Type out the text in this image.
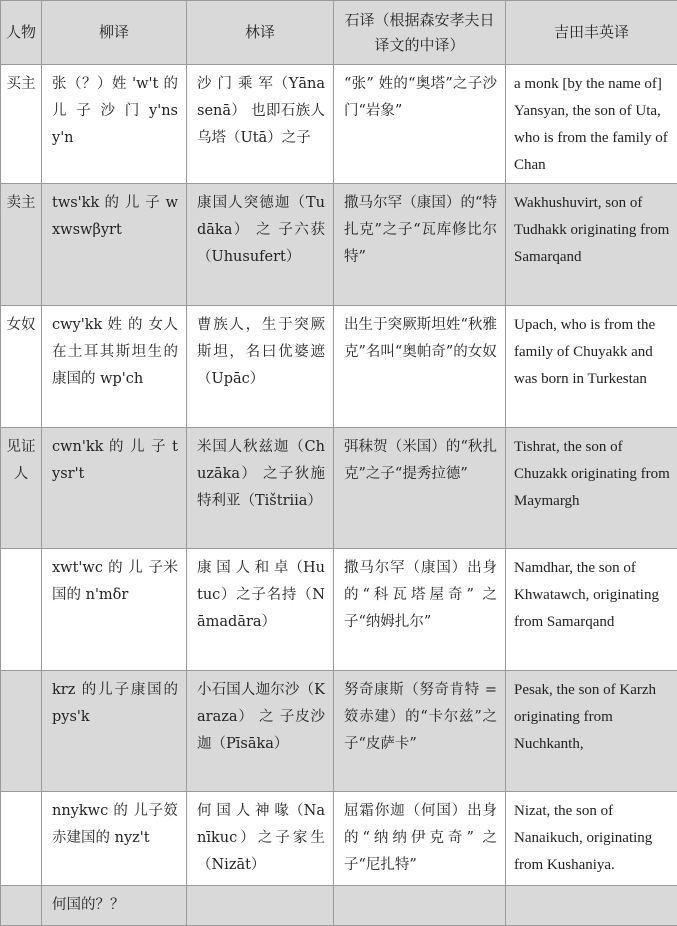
人物	柳译	林译	石译（根据森安孝夫日译文的中译）	吉田丰英译
买主	张（？）姓 'w't 的 儿 子 沙 门 y'nsy'n	沙 门 乘 军（Yānasenā） 也即石族人乌塔（Utā）之子	“张” 姓的“奥塔”之子沙门“岩象”	a monk [by the name of] Yansyan, the son of Uta, who is from the family of Chan
卖主	tws'kk 的 儿 子 wxwswβyrt	康国人突德迦（Tudāka） 之 子六获（Uhusufert）	撒马尔罕（康国）的“特扎克”之子“瓦库修比尔特”	Wakhushuvirt, son of Tudhakk originating from Samarqand
女奴	cwy'kk 姓 的 女人在土耳其斯坦生的康国的 wp'ch	曹族人，生于突厥斯坦，名曰优婆遮（Upāc）	出生于突厥斯坦姓“秋雅克”名叫“奥帕奇”的女奴	Upach, who is from the family of Chuyakk and was born in Turkestan
见证人	cwn'kk 的 儿 子 tysr't	米国人秋兹迦（Chuzāka） 之子狄施特利亚（Tištriia）	弭秣贺（米国）的“秋扎克”之子“提秀拉德”	Tishrat, the son of Chuzakk originating from Maymargh
	xwt'wc 的 儿 子米国的 n'mδr	康 国 人 和 卓（Hutuc）之子名持（Nāmadāra）	撒马尔罕（康国）出身的“科瓦塔屋奇” 之子“纳姆扎尔”	Namdhar, the son of Khwatawch, originating from Samarqand
	krz 的儿子康国的 pys'k	小石国人迦尔沙（Karaza） 之 子皮沙迦（Pīsāka）	努奇康斯（努奇肯特 = 笯赤建）的“卡尔兹”之子“皮萨卡”	Pesak, the son of Karzh originating from Nuchkanth,
	nnykwc 的 儿子笯赤建国的 nyz't	何 国 人 神 喙（Nanīkuc）之子家生（Nizāt）	屈霜你迦（何国）出身的“纳纳伊克奇” 之子“尼扎特”	Nizat, the son of Nanaikuch, originating from Kushaniya.
	何国的？？			
